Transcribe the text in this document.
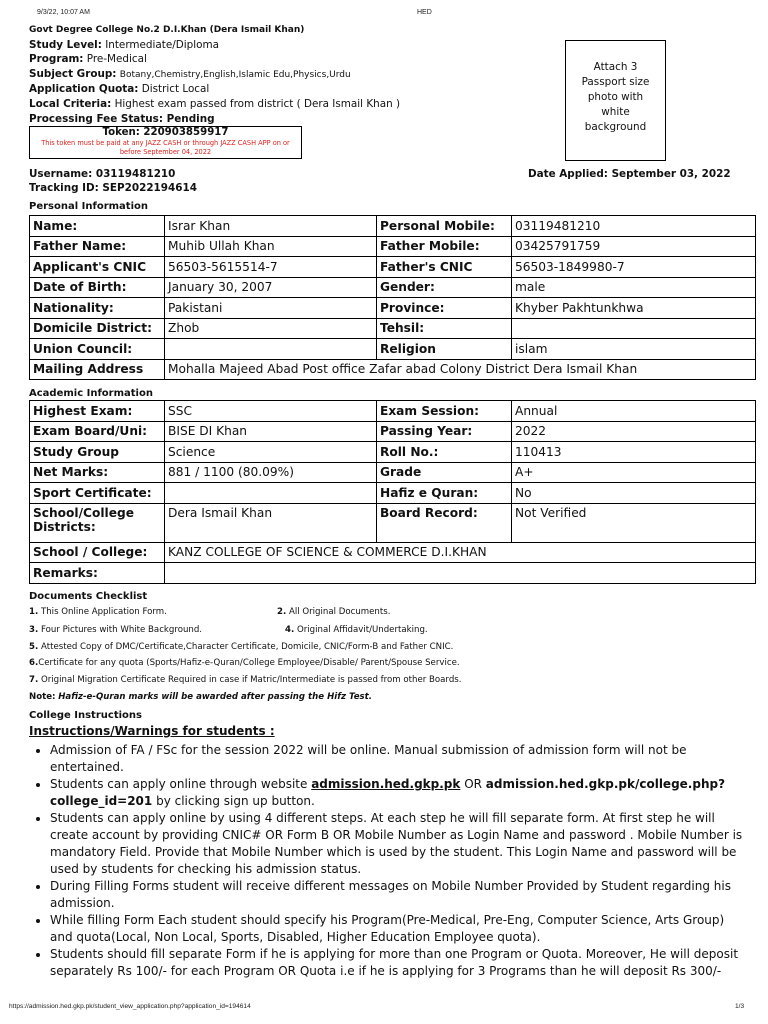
9/3/22, 10:07 AM	HED
Govt Degree College No.2 D.I.Khan (Dera Ismail Khan)
Study Level: Intermediate/Diploma
Program: Pre-Medical
Subject Group: Botany,Chemistry,English,Islamic Edu,Physics,Urdu
Application Quota: District Local
Local Criteria: Highest exam passed from district ( Dera Ismail Khan )
Processing Fee Status: Pending
Token: 220903859917
This token must be paid at any JAZZ CASH or through JAZZ CASH APP on or before September 04, 2022
Attach 3
Passport size
photo with
white
background
Username: 03119481210
Tracking ID: SEP2022194614
Date Applied: September 03, 2022
Personal Information
Name:	Israr Khan	Personal Mobile:	03119481210
Father Name:	Muhib Ullah Khan	Father Mobile:	03425791759
Applicant's CNIC	56503-5615514-7	Father's CNIC	56503-1849980-7
Date of Birth:	January 30, 2007	Gender:	male
Nationality:	Pakistani	Province:	Khyber Pakhtunkhwa
Domicile District:	Zhob	Tehsil:	
Union Council:		Religion	islam
Mailing Address	Mohalla Majeed Abad Post office Zafar abad Colony District Dera Ismail Khan		
Academic Information
Highest Exam:	SSC	Exam Session:	Annual
Exam Board/Uni:	BISE DI Khan	Passing Year:	2022
Study Group	Science	Roll No.:	110413
Net Marks:	881 / 1100 (80.09%)	Grade	A+
Sport Certificate:		Hafiz e Quran:	No
School/College Districts:	Dera Ismail Khan	Board Record:	Not Verified
School / College:	KANZ COLLEGE OF SCIENCE & COMMERCE D.I.KHAN		
Remarks:			
Documents Checklist
1. This Online Application Form.	2. All Original Documents.
3. Four Pictures with White Background.	4. Original Affidavit/Undertaking.
5. Attested Copy of DMC/Certificate,Character Certificate, Domicile, CNIC/Form-B and Father CNIC.
6.Certificate for any quota (Sports/Hafiz-e-Quran/College Employee/Disable/ Parent/Spouse Service.
7. Original Migration Certificate Required in case if Matric/Intermediate is passed from other Boards.
Note: Hafiz-e-Quran marks will be awarded after passing the Hifz Test.
College Instructions
Instructions/Warnings for students :
• Admission of FA / FSc for the session 2022 will be online. Manual submission of admission form will not be entertained.
• Students can apply online through website admission.hed.gkp.pk OR admission.hed.gkp.pk/college.php?college_id=201 by clicking sign up button.
• Students can apply online by using 4 different steps. At each step he will fill separate form. At first step he will create account by providing CNIC# OR Form B OR Mobile Number as Login Name and password . Mobile Number is mandatory Field. Provide that Mobile Number which is used by the student. This Login Name and password will be used by students for checking his admission status.
• During Filling Forms student will receive different messages on Mobile Number Provided by Student regarding his admission.
• While filling Form Each student should specify his Program(Pre-Medical, Pre-Eng, Computer Science, Arts Group) and quota(Local, Non Local, Sports, Disabled, Higher Education Employee quota).
• Students should fill separate Form if he is applying for more than one Program or Quota. Moreover, He will deposit separately Rs 100/- for each Program OR Quota i.e if he is applying for 3 Programs than he will deposit Rs 300/-
https://admission.hed.gkp.pk/student_view_application.php?application_id=194614	1/3
